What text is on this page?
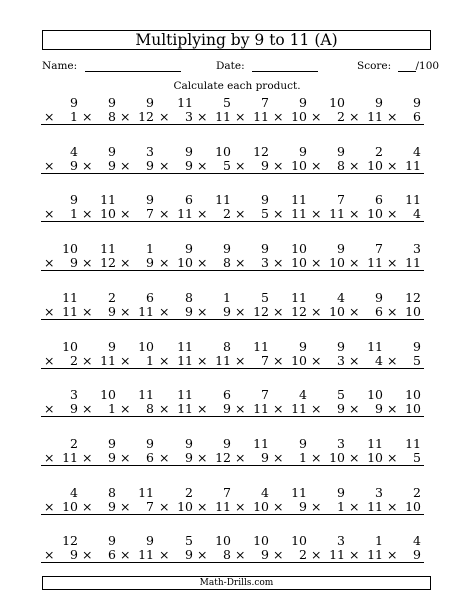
Multiplying by 9 to 11 (A)
Name:	Date:	Score: /100
Calculate each product.
9
× 1
9
× 8
9
× 12
11
× 3
5
× 11
7
× 11
9
× 10
10
× 2
9
× 11
9
× 6
4
× 9
9
× 9
3
× 9
9
× 9
10
× 5
12
× 9
9
× 10
9
× 8
2
× 10
4
× 11
9
× 1
11
× 10
9
× 7
6
× 11
11
× 2
9
× 5
11
× 11
7
× 11
6
× 10
11
× 4
10
× 9
11
× 12
1
× 9
9
× 10
9
× 8
9
× 3
10
× 10
9
× 10
7
× 11
3
× 11
11
× 11
2
× 9
6
× 11
8
× 9
1
× 9
5
× 12
11
× 12
4
× 10
9
× 6
12
× 10
10
× 2
9
× 11
10
× 1
11
× 11
8
× 11
11
× 7
9
× 10
9
× 3
11
× 4
9
× 5
3
× 9
10
× 1
11
× 8
11
× 11
6
× 9
7
× 11
4
× 11
5
× 9
10
× 9
10
× 10
2
× 11
9
× 9
9
× 6
9
× 9
9
× 12
11
× 9
9
× 1
3
× 10
11
× 10
11
× 5
4
× 10
8
× 9
11
× 7
2
× 10
7
× 11
4
× 10
11
× 9
9
× 1
3
× 11
2
× 10
12
× 9
9
× 6
9
× 11
5
× 9
10
× 8
10
× 9
10
× 2
3
× 11
1
× 11
4
× 9
Math-Drills.com
